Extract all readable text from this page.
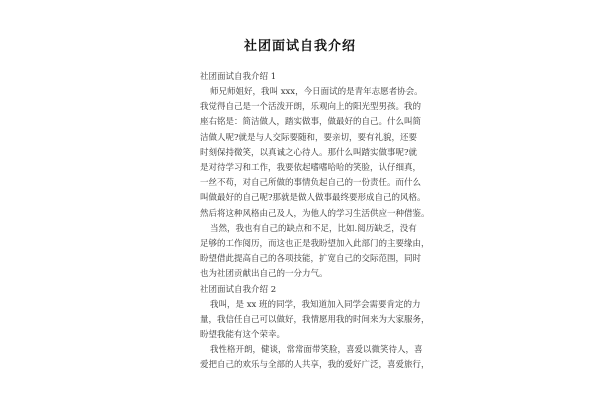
社团面试自我介绍

社团面试自我介绍 1

师兄师姐好，我叫 xxx，今日面试的是青年志愿者协会。
我觉得自己是一个活泼开朗，乐观向上的阳光型男孩。我的
座右铭是：简洁做人，踏实做事，做最好的自己。什么叫简
洁做人呢?就是与人交际要随和，要亲切，要有礼貌，还要
时刻保持微笑，以真诚之心待人。那什么叫踏实做事呢?就
是对待学习和工作，我要依起嗜嗜哈哈的笑脸，认仔细真，
一丝不苟，对自己所做的事情负起自己的一份责任。而什么
叫做最好的自己呢?那就是做人做事最终要形成自己的风格。
然后将这种风格由己及人，为他人的学习生活供应一种借鉴。

当然，我也有自己的缺点和不足，比如.阅历缺乏，没有
足够的工作阅历，而这也正是我盼望加入此部门的主要缘由，
盼望借此提高自己的各项技能，扩宽自己的交际范围，同时
也为社团贡献出自己的一分力气。

社团面试自我介绍 2

我叫，是 xx 班的同学，我知道加入同学会需要肯定的力
量，我信任自己可以做好，我情愿用我的时间来为大家服务，
盼望我能有这个荣幸。

我性格开朗，健谈，常常面带笑脸，喜爱以微笑待人，喜
爱把自己的欢乐与全部的人共享，我的爱好广泛，喜爱旅行，
